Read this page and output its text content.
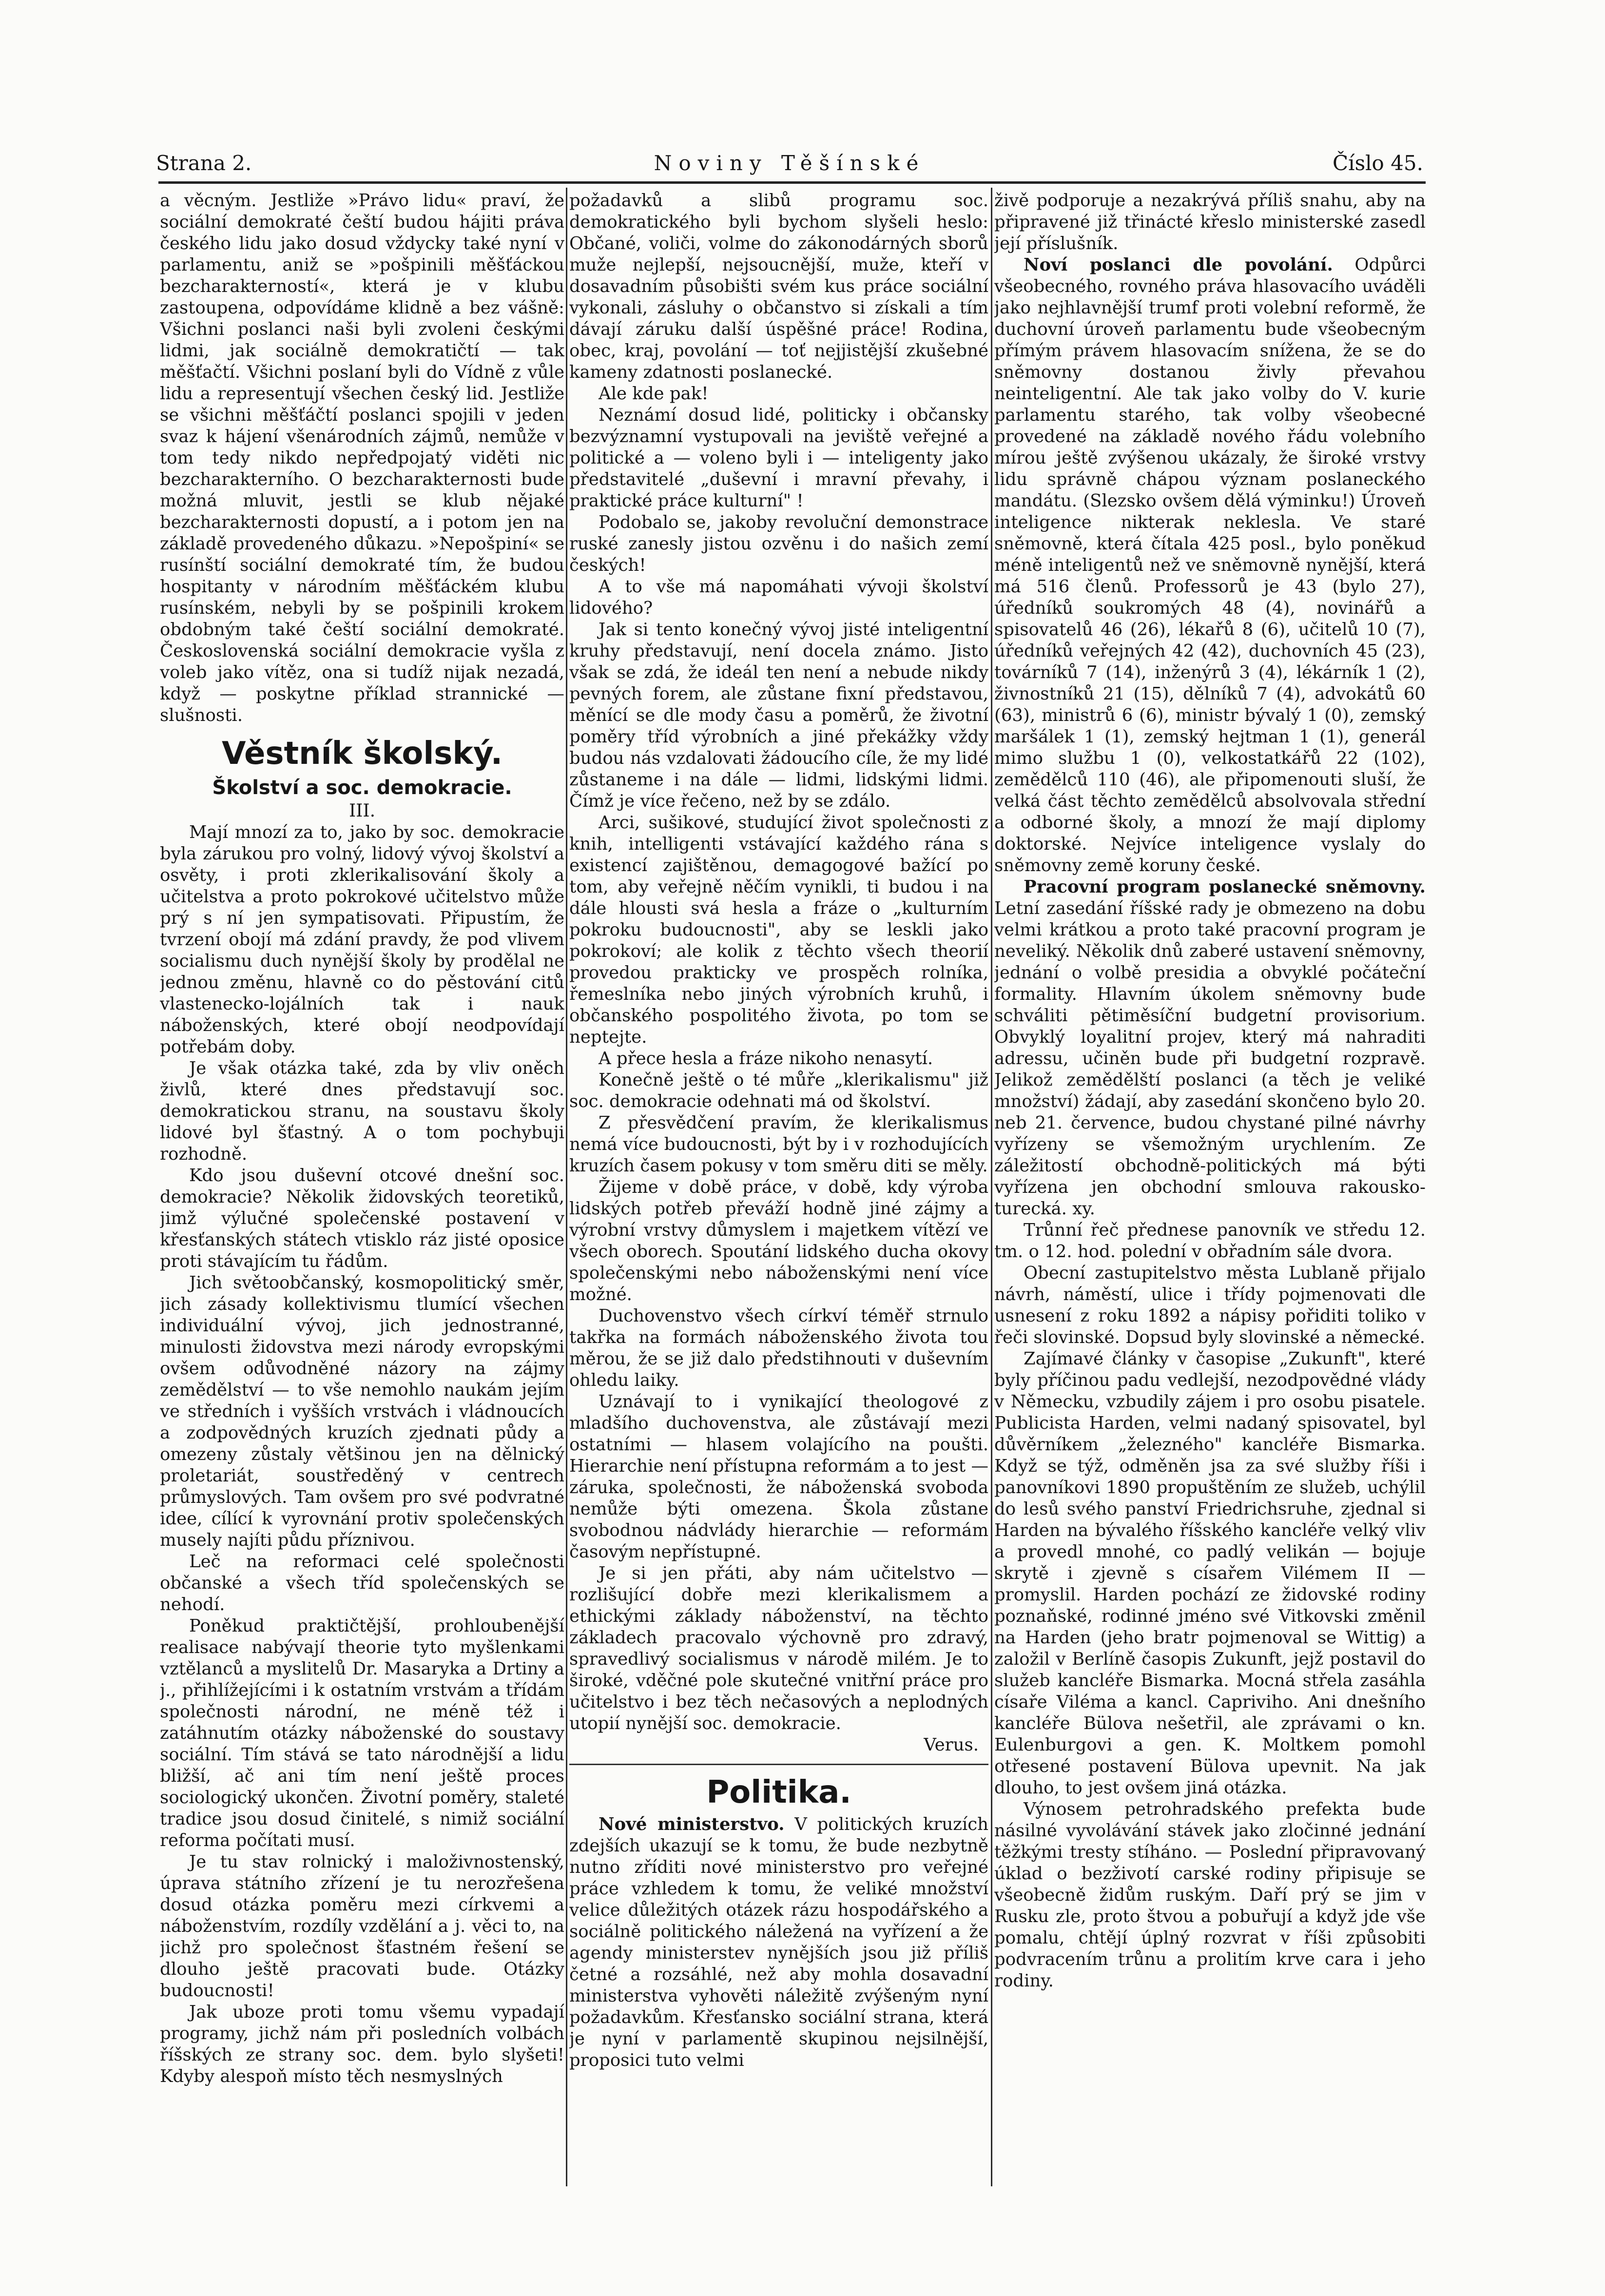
Strana 2.	Noviny Těšínské	Číslo 45.

a věcným. Jestliže »Právo lidu« praví, že sociální demokraté čeští budou hájiti práva českého lidu jako dosud vždycky také nyní v parlamentu, aniž se »pošpinili měšťáckou bezcharakterností«, která je v klubu zastoupena, odpovídáme klidně a bez vášně: Všichni poslanci naši byli zvoleni českými lidmi, jak sociálně demokratičtí — tak měšťačtí. Všichni poslaní byli do Vídně z vůle lidu a representují všechen český lid. Jestliže se všichni měšťáčtí poslanci spojili v jeden svaz k hájení všenárodních zájmů, nemůže v tom tedy nikdo nepředpojatý viděti nic bezcharakterního. O bezcharakternosti bude možná mluvit, jestli se klub nějaké bezcharakternosti dopustí, a i potom jen na základě provedeného důkazu. »Nepošpiní« se rusínští sociální demokraté tím, že budou hospitanty v národním měšťáckém klubu rusínském, nebyli by se pošpinili krokem obdobným také čeští sociální demokraté. Československá sociální demokracie vyšla z voleb jako vítěz, ona si tudíž nijak nezadá, když — poskytne příklad strannické — slušnosti.

Věstník školský.
Školství a soc. demokracie.
III.

Mají mnozí za to, jako by soc. demokracie byla zárukou pro volný, lidový vývoj školství a osvěty, i proti zklerikalisování školy a učitelstva a proto pokrokové učitelstvo může prý s ní jen sympatisovati. Připustím, že tvrzení obojí má zdání pravdy, že pod vlivem socialismu duch nynější školy by prodělal ne jednou změnu, hlavně co do pěstování citů vlastenecko-lojálních tak i nauk náboženských, které obojí neodpovídají potřebám doby.

Je však otázka také, zda by vliv oněch živlů, které dnes představují soc. demokratickou stranu, na soustavu školy lidové byl šťastný. A o tom pochybuji rozhodně.

Kdo jsou duševní otcové dnešní soc. demokracie? Několik židovských teoretiků, jimž výlučné společenské postavení v křesťanských státech vtisklo ráz jisté oposice proti stávajícím tu řádům.

Jich světoobčanský, kosmopolitický směr, jich zásady kollektivismu tlumící všechen individuální vývoj, jich jednostranné, minulosti židovstva mezi národy evropskými ovšem odůvodněné názory na zájmy zemědělství — to vše nemohlo naukám jejím ve středních i vyšších vrstvách i vládnoucích a zodpovědných kruzích zjednati půdy a omezeny zůstaly většinou jen na dělnický proletariát, soustředěný v centrech průmyslových. Tam ovšem pro své podvratné idee, cílící k vyrovnání protiv společenských musely najíti půdu příznivou.

Leč na reformaci celé společnosti občanské a všech tříd společenských se nehodí.

Poněkud praktičtější, prohloubenější realisace nabývají theorie tyto myšlenkami vztělanců a myslitelů Dr. Masaryka a Drtiny a j., přihlížejícími i k ostatním vrstvám a třídám společnosti národní, ne méně též i zatáhnutím otázky náboženské do soustavy sociální. Tím stává se tato národnější a lidu bližší, ač ani tím není ještě proces sociologický ukončen. Životní poměry, staleté tradice jsou dosud činitelé, s nimiž sociální reforma počítati musí.

Je tu stav rolnický i maloživnostenský, úprava státního zřízení je tu nerozřešena dosud otázka poměru mezi církvemi a náboženstvím, rozdíly vzdělání a j. věci to, na jichž pro společnost šťastném řešení se dlouho ještě pracovati bude. Otázky budoucnosti!

Jak uboze proti tomu všemu vypadají programy, jichž nám při posledních volbách říšských ze strany soc. dem. bylo slyšeti! Kdyby alespoň místo těch nesmyslných

požadavků a slibů programu soc. demokratického byli bychom slyšeli heslo: Občané, voliči, volme do zákonodárných sborů muže nejlepší, nejsoucnější, muže, kteří v dosavadním působišti svém kus práce sociální vykonali, zásluhy o občanstvo si získali a tím dávají záruku další úspěšné práce! Rodina, obec, kraj, povolání — toť nejjistější zkušebné kameny zdatnosti poslanecké.

Ale kde pak!

Neznámí dosud lidé, politicky i občansky bezvýznamní vystupovali na jeviště veřejné a politické a — voleno byli i — inteligenty jako představitelé „duševní i mravní převahy, i praktické práce kulturní" !

Podobalo se, jakoby revoluční demonstrace ruské zanesly jistou ozvěnu i do našich zemí českých!

A to vše má napomáhati vývoji školství lidového?

Jak si tento konečný vývoj jisté inteligentní kruhy představují, není docela známo. Jisto však se zdá, že ideál ten není a nebude nikdy pevných forem, ale zůstane fixní představou, měnící se dle mody času a poměrů, že životní poměry tříd výrobních a jiné překážky vždy budou nás vzdalovati žádoucího cíle, že my lidé zůstaneme i na dále — lidmi, lidskými lidmi. Čímž je více řečeno, než by se zdálo.

Arci, sušikové, studující život společnosti z knih, intelligenti vstávající každého rána s existencí zajištěnou, demagogové bažící po tom, aby veřejně něčím vynikli, ti budou i na dále hlousti svá hesla a fráze o „kulturním pokroku budoucnosti", aby se leskli jako pokrokoví; ale kolik z těchto všech theorií provedou prakticky ve prospěch rolníka, řemeslníka nebo jiných výrobních kruhů, i občanského pospolitého života, po tom se neptejte.

A přece hesla a fráze nikoho nenasytí.

Konečně ještě o té můře „klerikalismu" již soc. demokracie odehnati má od školství.

Z přesvědčení pravím, že klerikalismus nemá více budoucnosti, být by i v rozhodujících kruzích časem pokusy v tom směru diti se měly.

Žijeme v době práce, v době, kdy výroba lidských potřeb převáží hodně jiné zájmy a výrobní vrstvy důmyslem i majetkem vítězí ve všech oborech. Spoutání lidského ducha okovy společenskými nebo náboženskými není více možné.

Duchovenstvo všech církví téměř strnulo takřka na formách náboženského života tou měrou, že se již dalo předstihnouti v duševním ohledu laiky.

Uznávají to i vynikající theologové z mladšího duchovenstva, ale zůstávají mezi ostatními — hlasem volajícího na poušti. Hierarchie není přístupna reformám a to jest — záruka, společnosti, že náboženská svoboda nemůže býti omezena. Škola zůstane svobodnou nádvlády hierarchie — reformám časovým nepřístupné.

Je si jen přáti, aby nám učitelstvo — rozlišující dobře mezi klerikalismem a ethickými základy náboženství, na těchto základech pracovalo výchovně pro zdravý, spravedlivý socialismus v národě milém. Je to široké, vděčné pole skutečné vnitřní práce pro učitelstvo i bez těch nečasových a neplodných utopií nynější soc. demokracie.

Verus.

Politika.

Nové ministerstvo. V politických kruzích zdejších ukazují se k tomu, že bude nezbytně nutno zříditi nové ministerstvo pro veřejné práce vzhledem k tomu, že veliké množství velice důležitých otázek rázu hospodářského a sociálně politického náležená na vyřízení a že agendy ministerstev nynějších jsou již příliš četné a rozsáhlé, než aby mohla dosavadní ministerstva vyhověti náležitě zvýšeným nyní požadavkům. Křesťansko sociální strana, která je nyní v parlamentě skupinou nejsilnější, proposici tuto velmi

živě podporuje a nezakrývá příliš snahu, aby na připravené již třinácté křeslo ministerské zasedl její příslušník.

Noví poslanci dle povolání. Odpůrci všeobecného, rovného práva hlasovacího uváděli jako nejhlavnější trumf proti volební reformě, že duchovní úroveň parlamentu bude všeobecným přímým právem hlasovacím snížena, že se do sněmovny dostanou živly převahou neinteligentní. Ale tak jako volby do V. kurie parlamentu starého, tak volby všeobecné provedené na základě nového řádu volebního mírou ještě zvýšenou ukázaly, že široké vrstvy lidu správně chápou význam poslaneckého mandátu. (Slezsko ovšem dělá výminku!) Úroveň inteligence nikterak neklesla. Ve staré sněmovně, která čítala 425 posl., bylo poněkud méně inteligentů než ve sněmovně nynější, která má 516 členů. Professorů je 43 (bylo 27), úředníků soukromých 48 (4), novinářů a spisovatelů 46 (26), lékařů 8 (6), učitelů 10 (7), úředníků veřejných 42 (42), duchovních 45 (23), továrníků 7 (14), inženýrů 3 (4), lékárník 1 (2), živnostníků 21 (15), dělníků 7 (4), advokátů 60 (63), ministrů 6 (6), ministr bývalý 1 (0), zemský maršálek 1 (1), zemský hejtman 1 (1), generál mimo službu 1 (0), velkostatkářů 22 (102), zemědělců 110 (46), ale připomenouti sluší, že velká část těchto zemědělců absolvovala střední a odborné školy, a mnozí že mají diplomy doktorské. Nejvíce inteligence vyslaly do sněmovny země koruny české.

Pracovní program poslanecké sněmovny. Letní zasedání říšské rady je obmezeno na dobu velmi krátkou a proto také pracovní program je neveliký. Několik dnů zaberé ustavení sněmovny, jednání o volbě presidia a obvyklé počáteční formality. Hlavním úkolem sněmovny bude schváliti pětiměsíční budgetní provisorium. Obvyklý loyalitní projev, který má nahraditi adressu, učiněn bude při budgetní rozpravě. Jelikož zemědělští poslanci (a těch je veliké množství) žádají, aby zasedání skončeno bylo 20. neb 21. července, budou chystané pilné návrhy vyřízeny se všemožným urychlením. Ze záležitostí obchodně-politických má býti vyřízena jen obchodní smlouva rakousko-turecká. xy.

Trůnní řeč přednese panovník ve středu 12. tm. o 12. hod. polední v obřadním sále dvora.

Obecní zastupitelstvo města Lublaně přijalo návrh, náměstí, ulice i třídy pojmenovati dle usnesení z roku 1892 a nápisy pořiditi toliko v řeči slovinské. Dopsud byly slovinské a německé.

Zajímavé články v časopise „Zukunft", které byly příčinou padu vedlejší, nezodpovědné vlády v Německu, vzbudily zájem i pro osobu pisatele. Publicista Harden, velmi nadaný spisovatel, byl důvěrníkem „železného" kancléře Bismarka. Když se týž, odměněn jsa za své služby říši i panovníkovi 1890 propuštěním ze služeb, uchýlil do lesů svého panství Friedrichsruhe, zjednal si Harden na bývalého říšského kancléře velký vliv a provedl mnohé, co padlý velikán — bojuje skrytě i zjevně s císařem Vilémem II — promyslil. Harden pochází ze židovské rodiny poznaňské, rodinné jméno své Vitkovski změnil na Harden (jeho bratr pojmenoval se Wittig) a založil v Berlíně časopis Zukunft, jejž postavil do služeb kancléře Bismarka. Mocná střela zasáhla císaře Viléma a kancl. Capriviho. Ani dnešního kancléře Bülova nešetřil, ale zprávami o kn. Eulenburgovi a gen. K. Moltkem pomohl otřesené postavení Bülova upevnit. Na jak dlouho, to jest ovšem jiná otázka.

Výnosem petrohradského prefekta bude násilné vyvolávání stávek jako zločinné jednání těžkými tresty stíháno. — Poslední připravovaný úklad o bezživotí carské rodiny připisuje se všeobecně židům ruským. Daří prý se jim v Rusku zle, proto štvou a pobuřují a když jde vše pomalu, chtějí úplný rozvrat v říši způsobiti podvracením trůnu a prolitím krve cara i jeho rodiny.
